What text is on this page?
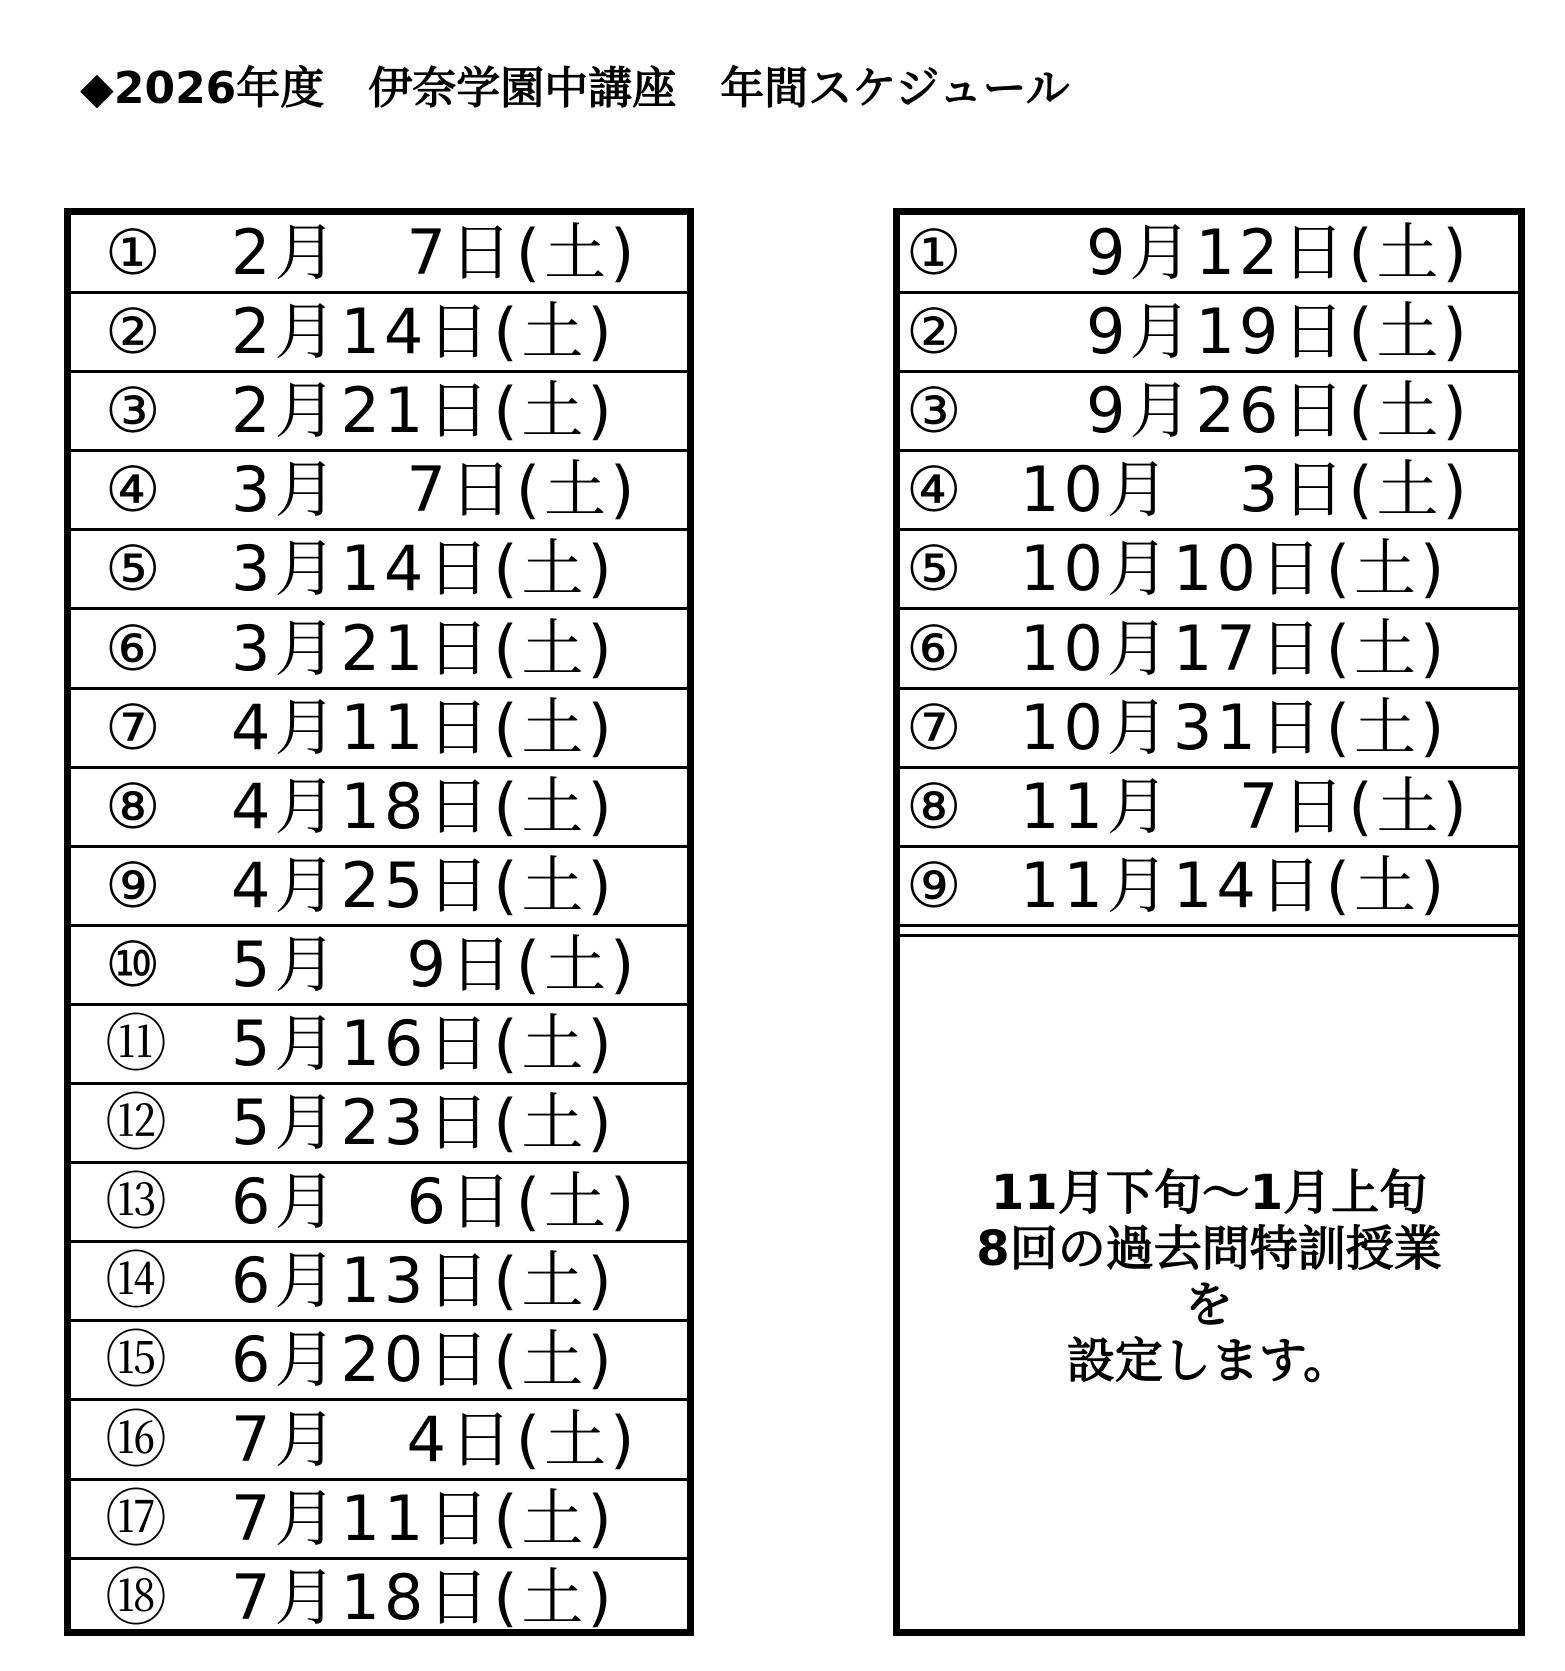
◆2026年度　伊奈学園中講座　年間スケジュール
① 2月　7日(土)
② 2月14日(土)
③ 2月21日(土)
④ 3月　7日(土)
⑤ 3月14日(土)
⑥ 3月21日(土)
⑦ 4月11日(土)
⑧ 4月18日(土)
⑨ 4月25日(土)
⑩ 5月　9日(土)
⑪ 5月16日(土)
⑫ 5月23日(土)
⑬ 6月　6日(土)
⑭ 6月13日(土)
⑮ 6月20日(土)
⑯ 7月　4日(土)
⑰ 7月11日(土)
⑱ 7月18日(土)
① 　9月12日(土)
② 　9月19日(土)
③ 　9月26日(土)
④ 10月　3日(土)
⑤ 10月10日(土)
⑥ 10月17日(土)
⑦ 10月31日(土)
⑧ 11月　7日(土)
⑨ 11月14日(土)
11月下旬～1月上旬
8回の過去問特訓授業
を
設定します。
